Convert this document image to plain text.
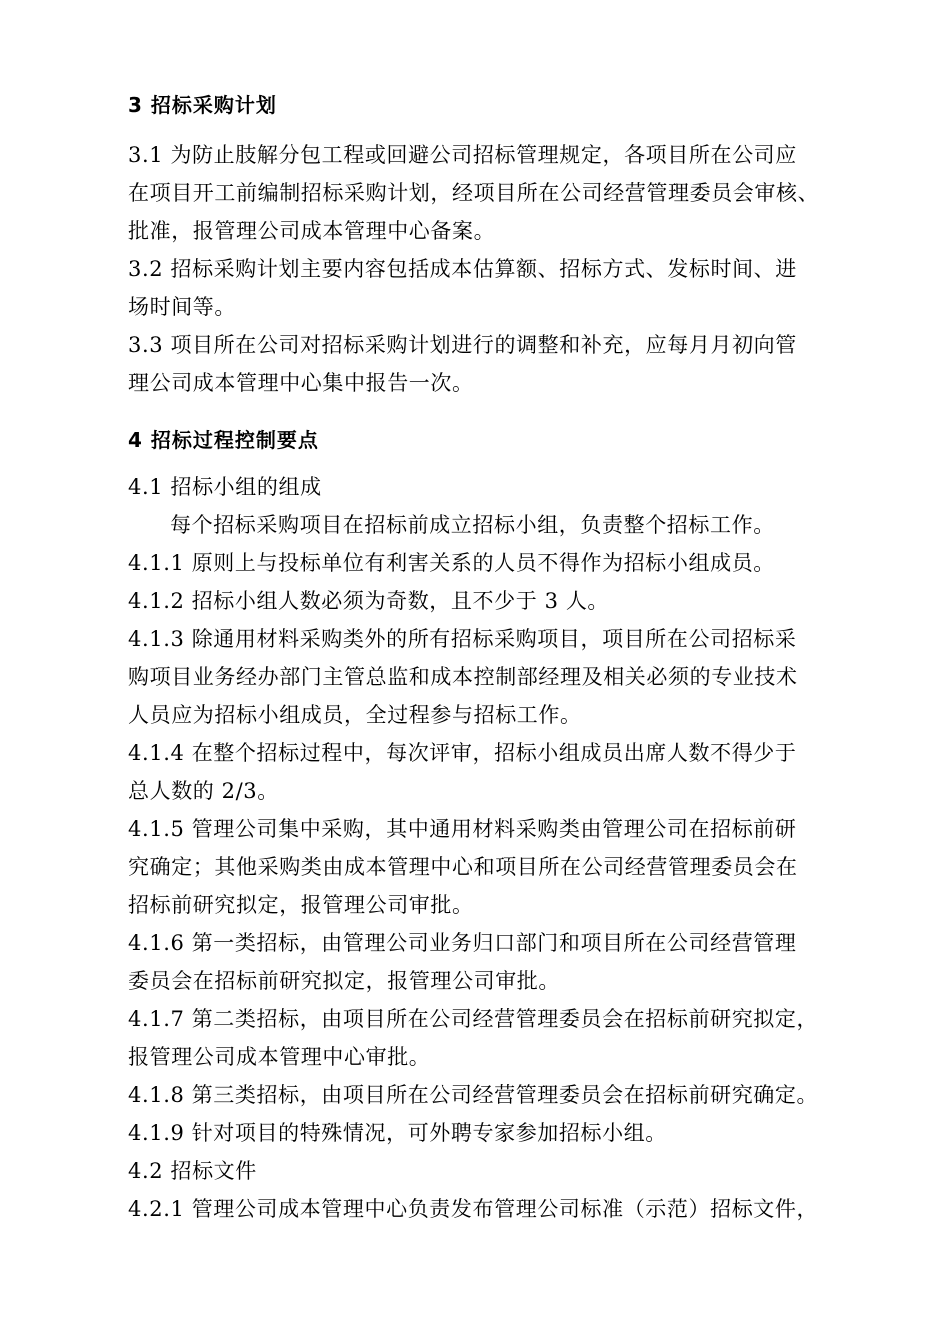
3 招标采购计划
3.1 为防止肢解分包工程或回避公司招标管理规定，各项目所在公司应
在项目开工前编制招标采购计划，经项目所在公司经营管理委员会审核、
批准，报管理公司成本管理中心备案。
3.2 招标采购计划主要内容包括成本估算额、招标方式、发标时间、进
场时间等。
3.3 项目所在公司对招标采购计划进行的调整和补充，应每月月初向管
理公司成本管理中心集中报告一次。
4 招标过程控制要点
4.1 招标小组的组成
每个招标采购项目在招标前成立招标小组，负责整个招标工作。
4.1.1 原则上与投标单位有利害关系的人员不得作为招标小组成员。
4.1.2 招标小组人数必须为奇数，且不少于 3 人。
4.1.3 除通用材料采购类外的所有招标采购项目，项目所在公司招标采
购项目业务经办部门主管总监和成本控制部经理及相关必须的专业技术
人员应为招标小组成员，全过程参与招标工作。
4.1.4 在整个招标过程中，每次评审，招标小组成员出席人数不得少于
总人数的 2/3。
4.1.5 管理公司集中采购，其中通用材料采购类由管理公司在招标前研
究确定；其他采购类由成本管理中心和项目所在公司经营管理委员会在
招标前研究拟定，报管理公司审批。
4.1.6 第一类招标，由管理公司业务归口部门和项目所在公司经营管理
委员会在招标前研究拟定，报管理公司审批。
4.1.7 第二类招标，由项目所在公司经营管理委员会在招标前研究拟定，
报管理公司成本管理中心审批。
4.1.8 第三类招标，由项目所在公司经营管理委员会在招标前研究确定。
4.1.9 针对项目的特殊情况，可外聘专家参加招标小组。
4.2 招标文件
4.2.1 管理公司成本管理中心负责发布管理公司标准（示范）招标文件，
